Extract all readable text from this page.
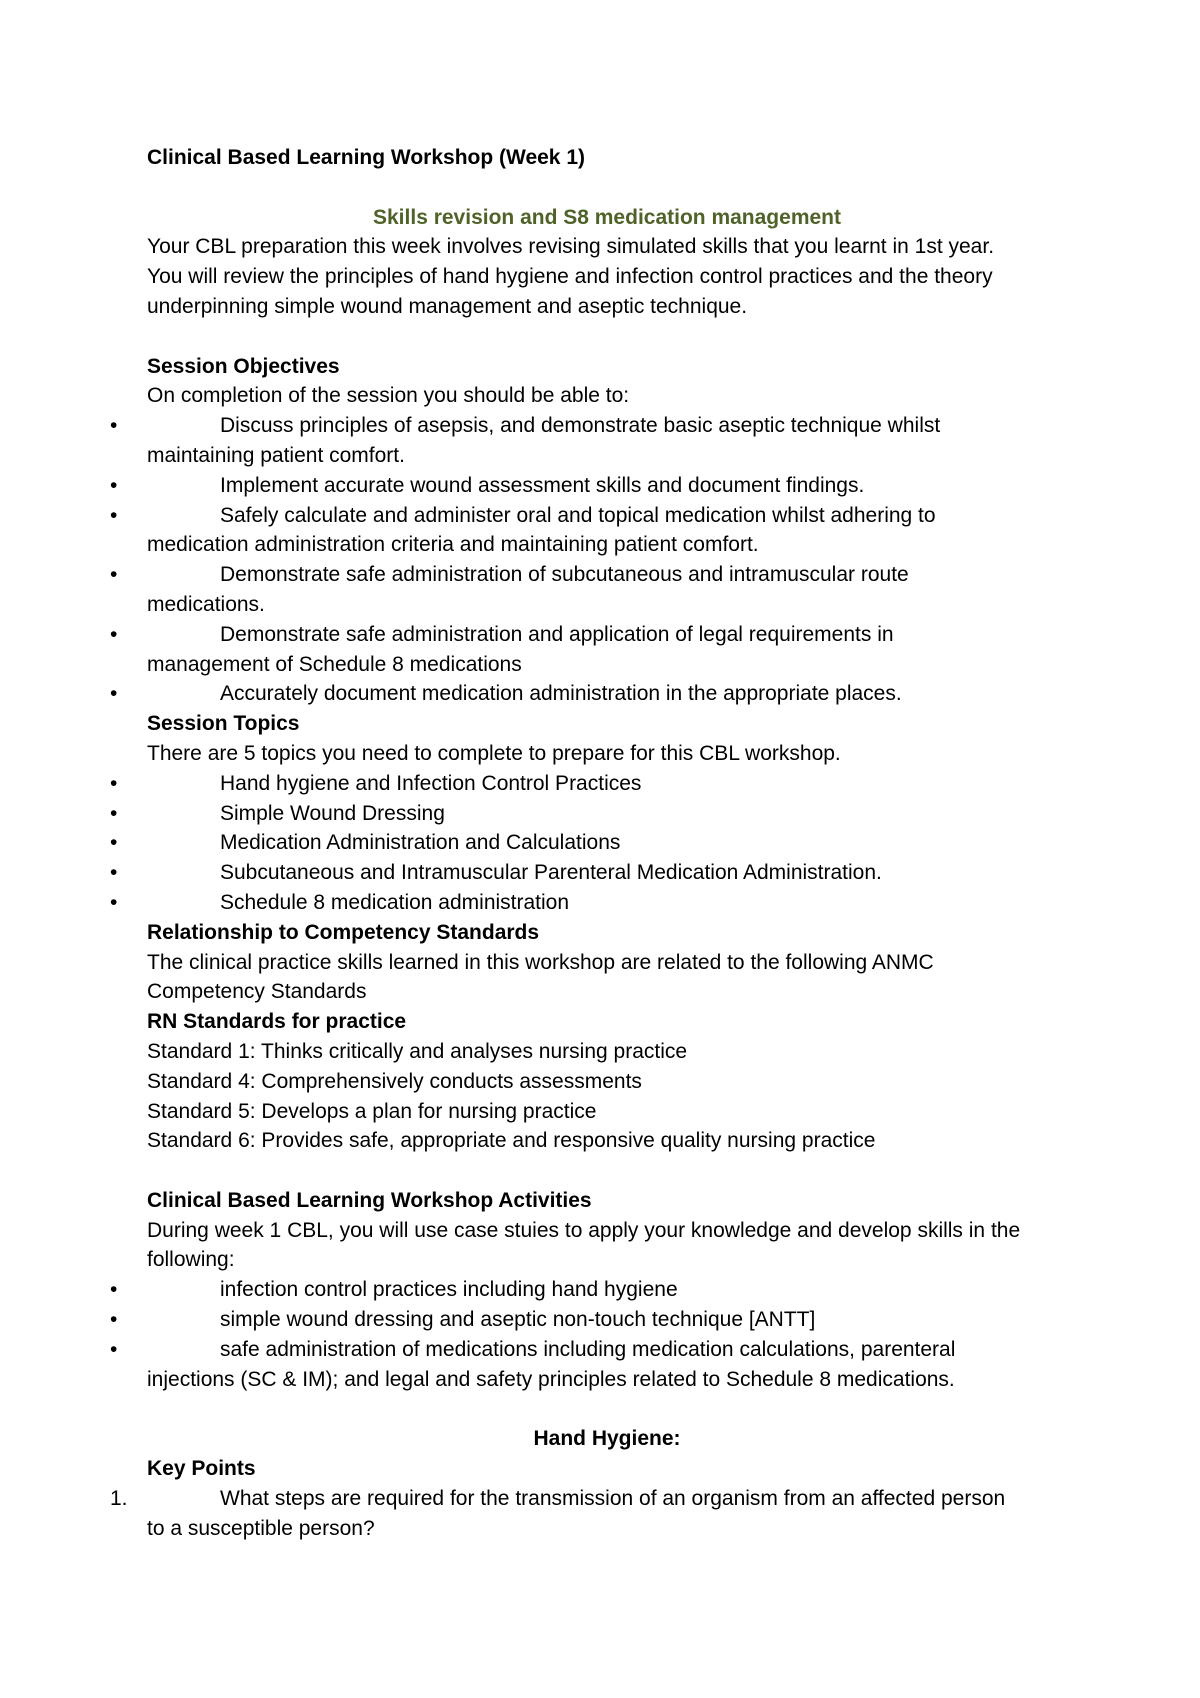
Clinical Based Learning Workshop (Week 1)
Skills revision and S8 medication management
Your CBL preparation this week involves revising simulated skills that you learnt in 1st year.
You will review the principles of hand hygiene and infection control practices and the theory
underpinning simple wound management and aseptic technique.
Session Objectives
On completion of the session you should be able to:
•	Discuss principles of asepsis, and demonstrate basic aseptic technique whilst
maintaining patient comfort.
•	Implement accurate wound assessment skills and document findings.
•	Safely calculate and administer oral and topical medication whilst adhering to
medication administration criteria and maintaining patient comfort.
•	Demonstrate safe administration of subcutaneous and intramuscular route
medications.
•	Demonstrate safe administration and application of legal requirements in
management of Schedule 8 medications
•	Accurately document medication administration in the appropriate places.
Session Topics
There are 5 topics you need to complete to prepare for this CBL workshop.
•	Hand hygiene and Infection Control Practices
•	Simple Wound Dressing
•	Medication Administration and Calculations
•	Subcutaneous and Intramuscular Parenteral Medication Administration.
•	Schedule 8 medication administration
Relationship to Competency Standards
The clinical practice skills learned in this workshop are related to the following ANMC
Competency Standards
RN Standards for practice
Standard 1: Thinks critically and analyses nursing practice
Standard 4: Comprehensively conducts assessments
Standard 5: Develops a plan for nursing practice
Standard 6: Provides safe, appropriate and responsive quality nursing practice
Clinical Based Learning Workshop Activities
During week 1 CBL, you will use case stuies to apply your knowledge and develop skills in the
following:
•	infection control practices including hand hygiene
•	simple wound dressing and aseptic non-touch technique [ANTT]
•	safe administration of medications including medication calculations, parenteral
injections (SC & IM); and legal and safety principles related to Schedule 8 medications.
Hand Hygiene:
Key Points
1.	What steps are required for the transmission of an organism from an affected person
to a susceptible person?
